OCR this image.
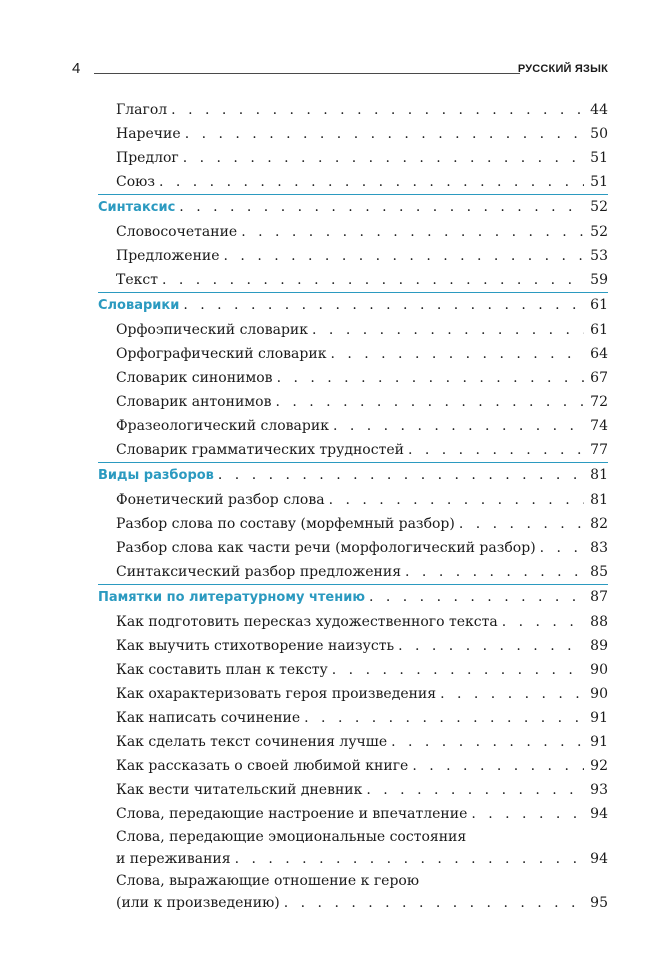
4	РУССКИЙ ЯЗЫК
Глагол . . .	44
Наречие . . .	50
Предлог . . .	51
Союз . . .	51
Синтаксис . . .	52
Словосочетание . . .	52
Предложение . . .	53
Текст . . .	59
Словарики . . .	61
Орфоэпический словарик . . .	61
Орфографический словарик . . .	64
Словарик синонимов . . .	67
Словарик антонимов . . .	72
Фразеологический словарик . . .	74
Словарик грамматических трудностей . . .	77
Виды разборов . . .	81
Фонетический разбор слова . . .	81
Разбор слова по составу (морфемный разбор) . . .	82
Разбор слова как части речи (морфологический разбор) . . .	83
Синтаксический разбор предложения . . .	85
Памятки по литературному чтению . . .	87
Как подготовить пересказ художественного текста . . .	88
Как выучить стихотворение наизусть . . .	89
Как составить план к тексту . . .	90
Как охарактеризовать героя произведения . . .	90
Как написать сочинение . . .	91
Как сделать текст сочинения лучше . . .	91
Как рассказать о своей любимой книге . . .	92
Как вести читательский дневник . . .	93
Слова, передающие настроение и впечатление . . .	94
Слова, передающие эмоциональные состояния
и переживания . . .	94
Слова, выражающие отношение к герою
(или к произведению) . . .	95
